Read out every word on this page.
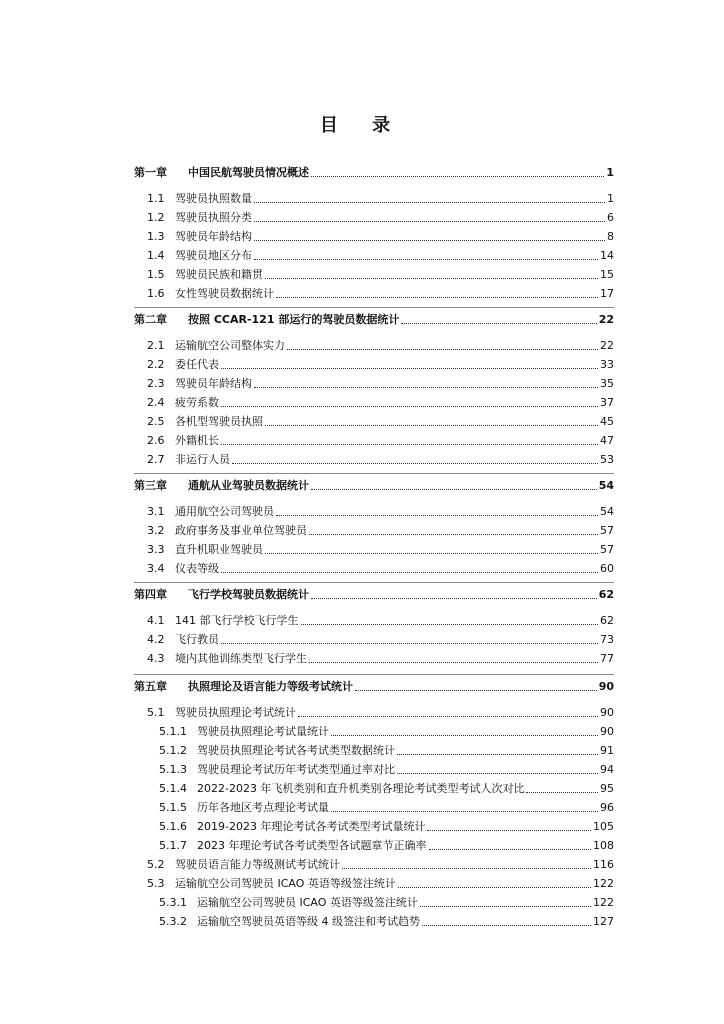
目 录
第一章	中国民航驾驶员情况概述	1
1.1 驾驶员执照数量	1
1.2 驾驶员执照分类	6
1.3 驾驶员年龄结构	8
1.4 驾驶员地区分布	14
1.5 驾驶员民族和籍贯	15
1.6 女性驾驶员数据统计	17
第二章	按照 CCAR-121 部运行的驾驶员数据统计	22
2.1 运输航空公司整体实力	22
2.2 委任代表	33
2.3 驾驶员年龄结构	35
2.4 疲劳系数	37
2.5 各机型驾驶员执照	45
2.6 外籍机长	47
2.7 非运行人员	53
第三章	通航从业驾驶员数据统计	54
3.1 通用航空公司驾驶员	54
3.2 政府事务及事业单位驾驶员	57
3.3 直升机职业驾驶员	57
3.4 仪表等级	60
第四章	飞行学校驾驶员数据统计	62
4.1 141 部飞行学校飞行学生	62
4.2 飞行教员	73
4.3 境内其他训练类型飞行学生	77
第五章	执照理论及语言能力等级考试统计	90
5.1 驾驶员执照理论考试统计	90
5.1.1 驾驶员执照理论考试量统计	90
5.1.2 驾驶员执照理论考试各考试类型数据统计	91
5.1.3 驾驶员理论考试历年考试类型通过率对比	94
5.1.4 2022-2023 年飞机类别和直升机类别各理论考试类型考试人次对比	95
5.1.5 历年各地区考点理论考试量	96
5.1.6 2019-2023 年理论考试各考试类型考试量统计	105
5.1.7 2023 年理论考试各考试类型各试题章节正确率	108
5.2 驾驶员语言能力等级测试考试统计	116
5.3 运输航空公司驾驶员 ICAO 英语等级签注统计	122
5.3.1 运输航空公司驾驶员 ICAO 英语等级签注统计	122
5.3.2 运输航空驾驶员英语等级 4 级签注和考试趋势	127
